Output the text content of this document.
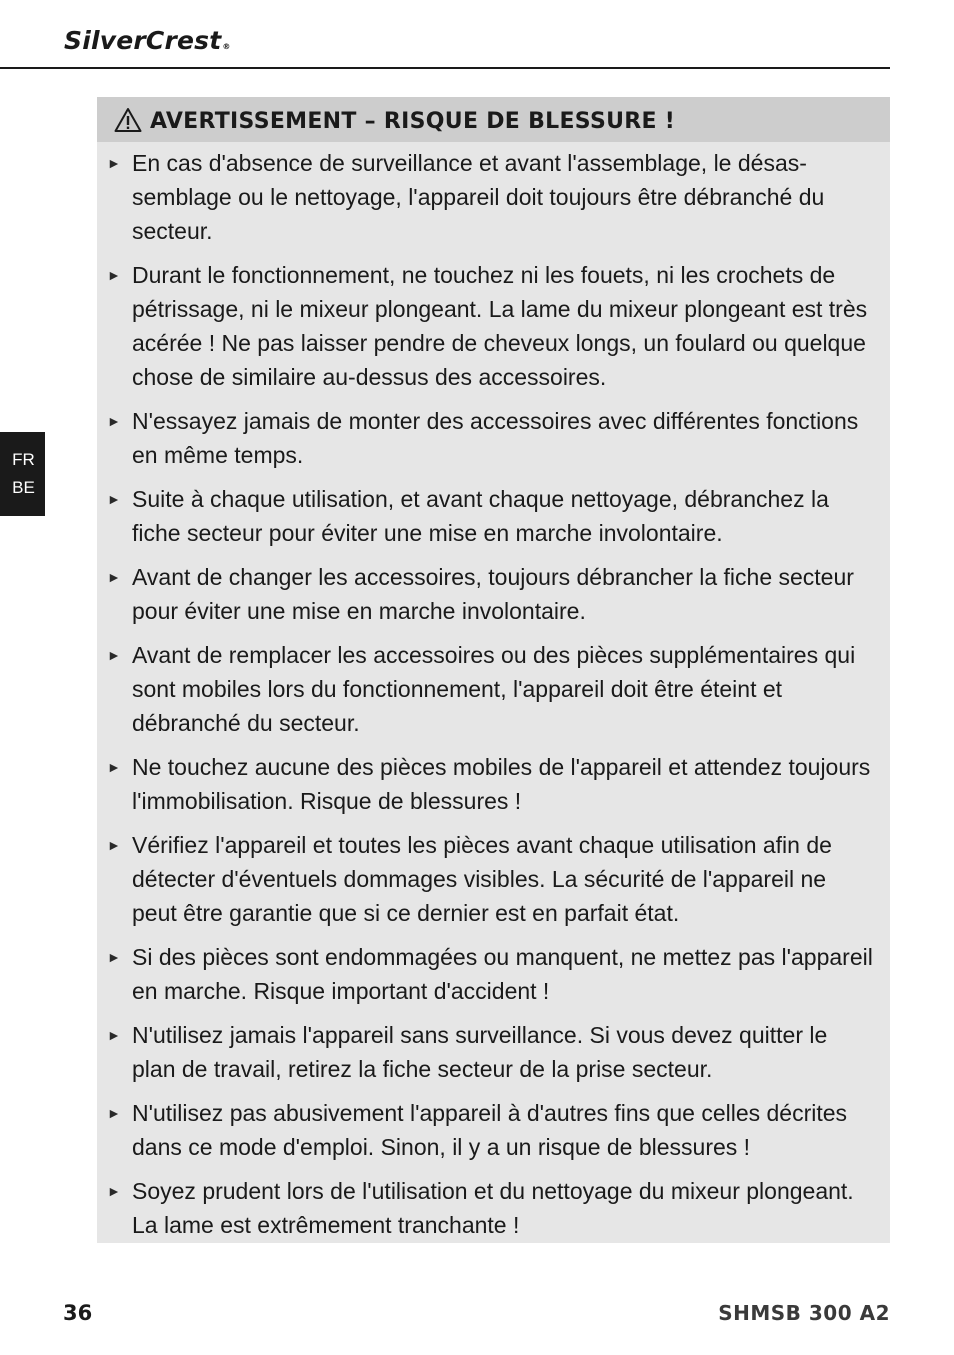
SilverCrest®
FR
BE
AVERTISSEMENT – RISQUE DE BLESSURE !
► En cas d'absence de surveillance et avant l'assemblage, le désassemblage ou le nettoyage, l'appareil doit toujours être débranché du secteur.
► Durant le fonctionnement, ne touchez ni les fouets, ni les crochets de pétrissage, ni le mixeur plongeant. La lame du mixeur plongeant est très acérée ! Ne pas laisser pendre de cheveux longs, un foulard ou quelque chose de similaire au-dessus des accessoires.
► N'essayez jamais de monter des accessoires avec différentes fonctions en même temps.
► Suite à chaque utilisation, et avant chaque nettoyage, débranchez la fiche secteur pour éviter une mise en marche involontaire.
► Avant de changer les accessoires, toujours débrancher la fiche secteur pour éviter une mise en marche involontaire.
► Avant de remplacer les accessoires ou des pièces supplémentaires qui sont mobiles lors du fonctionnement, l'appareil doit être éteint et débranché du secteur.
► Ne touchez aucune des pièces mobiles de l'appareil et attendez toujours l'immobilisation. Risque de blessures !
► Vérifiez l'appareil et toutes les pièces avant chaque utilisation afin de détecter d'éventuels dommages visibles. La sécurité de l'appareil ne peut être garantie que si ce dernier est en parfait état.
► Si des pièces sont endommagées ou manquent, ne mettez pas l'appareil en marche. Risque important d'accident !
► N'utilisez jamais l'appareil sans surveillance. Si vous devez quitter le plan de travail, retirez la fiche secteur de la prise secteur.
► N'utilisez pas abusivement l'appareil à d'autres fins que celles décrites dans ce mode d'emploi. Sinon, il y a un risque de blessures !
► Soyez prudent lors de l'utilisation et du nettoyage du mixeur plongeant. La lame est extrêmement tranchante !
36	SHMSB 300 A2
